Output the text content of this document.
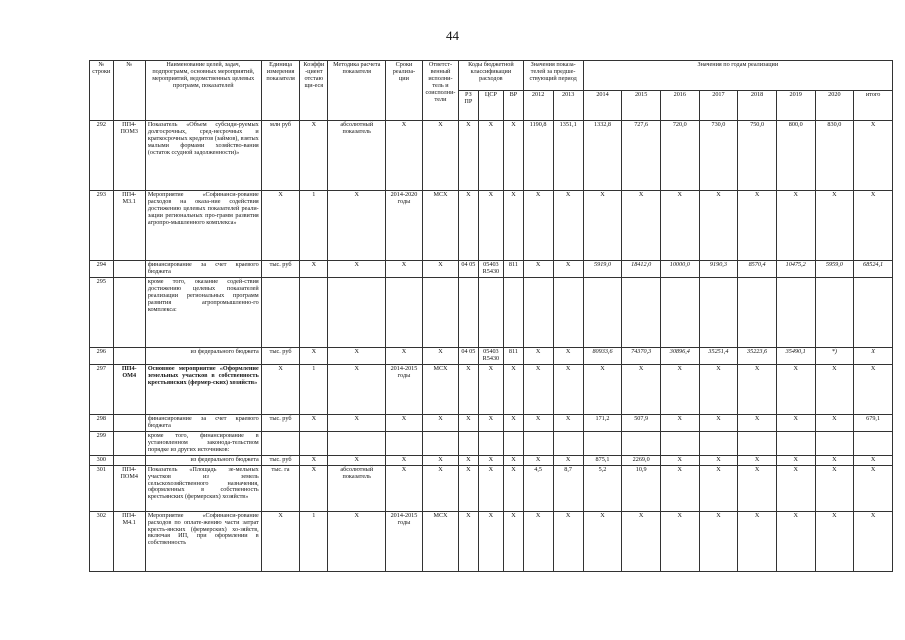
44
№ строки	№	Наименование целей, задач, подпрограмм, основных мероприятий, мероприятий, ведомственных целевых программ, показателей	Единица измерения показателя	Коэффи-циент отстающи-еся	Методика расчета показателя	Сроки реализа-ции	Ответст-венный исполни-тель и соисполни-тели	Коды бюджетной классификации расходов			Значения показа-телей за предше-ствующий период		Значения по годам реализации							
								РЗ ПР	ЦСР	ВР	2012	2013	2014	2015	2016	2017	2018	2019	2020	итого
292	ПП4-ПОМ3	Показатель «Объем субсиди-руемых долгосрочных, сред-несрочных и краткосрочных кредитов (займов), взятых малыми формами хозяйство-вания (остаток ссудной задолженности)»	млн руб	X	абсолютный показатель	X	X	X	X	X	1190,8	1351,1	1332,8	727,6	720,0	730,0	750,0	800,0	830,0	X
293	ПП4-М3.1	Мероприятие «Софинанси-рование расходов на оказа-ние содействия достижению целевых показателей реали-зации региональных про-грамм развития агропро-мышленного комплекса»	X	1	X	2014-2020 годы	МСХ	X	X	X	X	X	X	X	X	X	X	X	X	X
294		финансирование за счет краевого бюджета	тыс. руб	X	X	X	X	04 05	05403 R5430	811	X	X	5919,0	18412,0	10000,0	9190,3	8570,4	10475,2	5959,0	68524,1
295		кроме того, оказание содей-ствия достижению целевых показателей реализации региональных программ развития агропромышленно-го комплекса:																		
296		из федерального бюджета	тыс. руб	X	X	X	X	04 05	05403 R5430	811	X	X	80933,6	74370,3	30896,4	35251,4	35223,6	35490,1	*)	X
297	ПП4-ОМ4	Основное мероприятие «Оформление земельных участков в собственность крестьянских (фермер-ских) хозяйств»	X	1	X	2014-2015 годы	МСХ	X	X	X	X	X	X	X	X	X	X	X	X	X
298		финансирование за счет краевого бюджета	тыс. руб	X	X	X	X	X	X	X	X	X	171,2	507,9	X	X	X	X	X	679,1
299		кроме того, финансирование в установленном законода-тельством порядке из других источников:																		
300		из федерального бюджета	тыс. руб	X	X	X	X	X	X	X	X	X	875,1	2269,0	X	X	X	X	X	X
301	ПП4-ПОМ4	Показатель «Площадь зе-мельных участков из земель сельскохозяйственного назначения, оформленных в собственность крестьянских (фермерских) хозяйств»	тыс. га	X	абсолютный показатель	X	X	X	X	X	4,5	8,7	5,2	10,9	X	X	X	X	X	X
302	ПП4-М4.1	Мероприятие «Софинанси-рование расходов по оплате-жению части затрат кресть-янских (фермерских) хо-зяйств, включая ИП, при оформлении в собственность	X	1	X	2014-2015 годы	МСХ	X	X	X	X	X	X	X	X	X	X	X	X	X
